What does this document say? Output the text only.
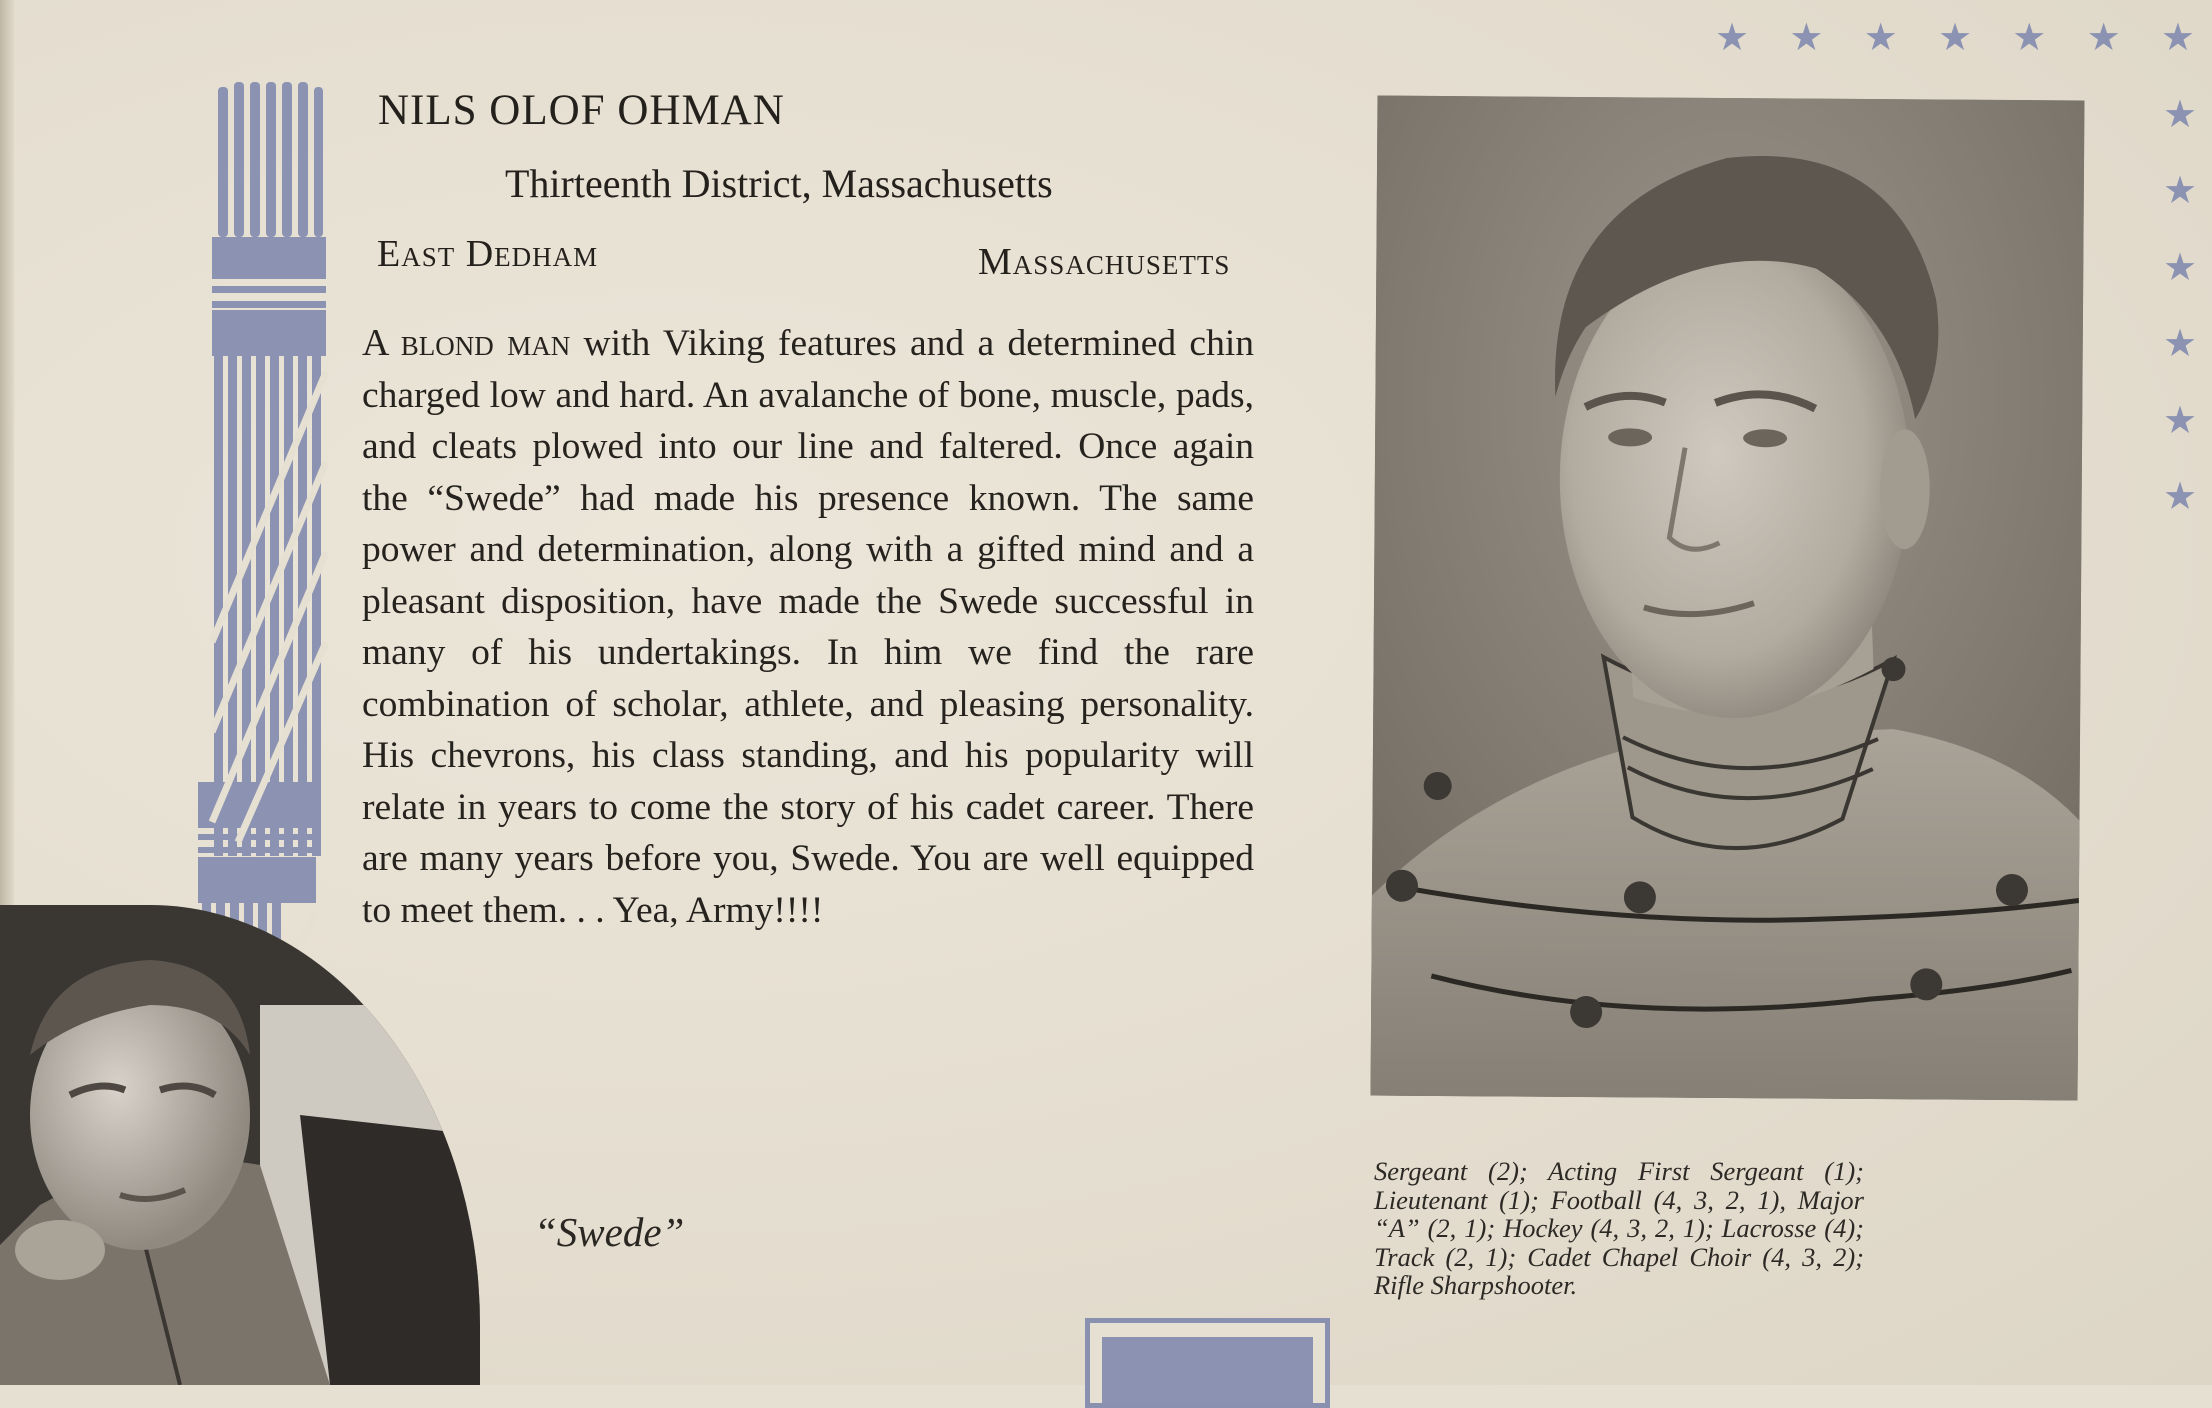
★ ★ ★ ★ ★ ★ ★
★
★
★
★
★
★
NILS OLOF OHMAN
Thirteenth District, Massachusetts
East Dedham	Massachusetts
A blond man with Viking features and a determined chin charged low and hard. An avalanche of bone, muscle, pads, and cleats plowed into our line and faltered. Once again the “Swede” had made his presence known. The same power and determination, along with a gifted mind and a pleasant disposition, have made the Swede successful in many of his undertakings. In him we find the rare combination of scholar, athlete, and pleasing personality. His chevrons, his class standing, and his popularity will relate in years to come the story of his cadet career. There are many years before you, Swede. You are well equipped to meet them. . . Yea, Army!!!!
“Swede”
Sergeant (2); Acting First Sergeant (1); Lieutenant (1); Football (4, 3, 2, 1), Major “A” (2, 1); Hockey (4, 3, 2, 1); Lacrosse (4); Track (2, 1); Cadet Chapel Choir (4, 3, 2); Rifle Sharpshooter.
